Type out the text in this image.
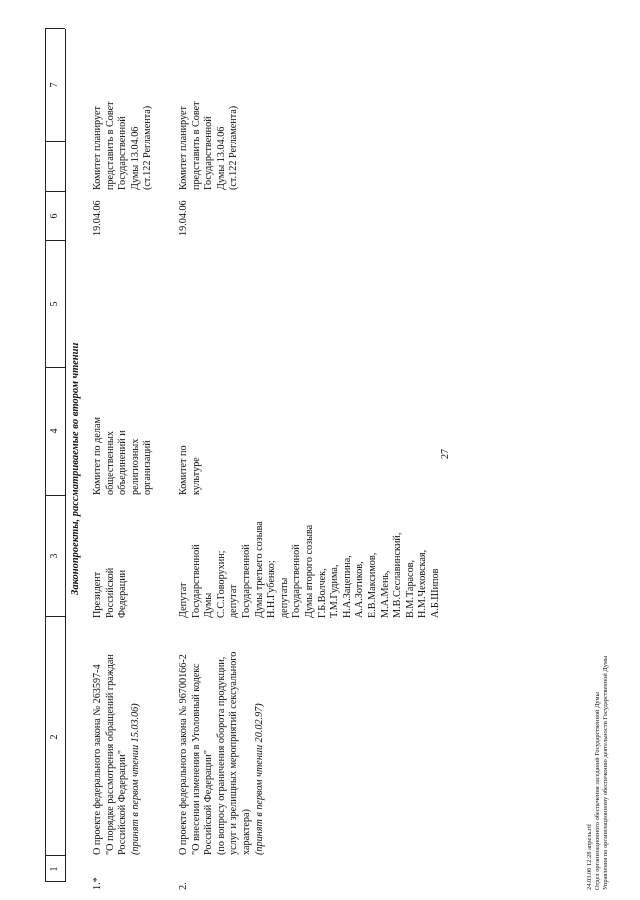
27
1
2
3
4
5
6
7
Законопроекты, рассматриваемые во втором чтении
1.*
О проекте федерального закона № 263597-4 "О порядке рассмотрения обращений граждан Российской Федерации" (принят в первом чтении 15.03.06)
Президент Российской Федерации
Комитет по делам общественных объединений и религиозных организаций
19.04.06
Комитет планирует представить в Совет Государственной Думы 13.04.06 (ст.122 Регламента)
2.
О проекте федерального закона № 96700166-2 "О внесении изменения в Уголовный кодекс Российской Федерации" (по вопросу ограничения оборота продукции, услуг и зрелищных мероприятий сексуального характера) (принят в первом чтении 20.02.97)
Депутат Государственной Думы С.С.Говорухин; депутат Государственной Думы третьего созыва Н.Н.Губенко; депутаты Государственной Думы второго созыва Г.Б.Волчек, Т.М.Гудима, Н.А.Зацепина, А.А.Зотиков, Е.В.Максимов, М.А.Мень, М.В.Сеславинский, В.М.Тарасов, Н.М.Чеховская, А.Б.Шипов
Комитет по культуре
19.04.06
Комитет планирует представить в Совет Государственной Думы 13.04.06 (ст.122 Регламента)
24.03.06 12:28 апрель.rtf Отдел организационного обеспечения заседаний Государственной Думы Управления по организационному обеспечению деятельности Государственной Думы
